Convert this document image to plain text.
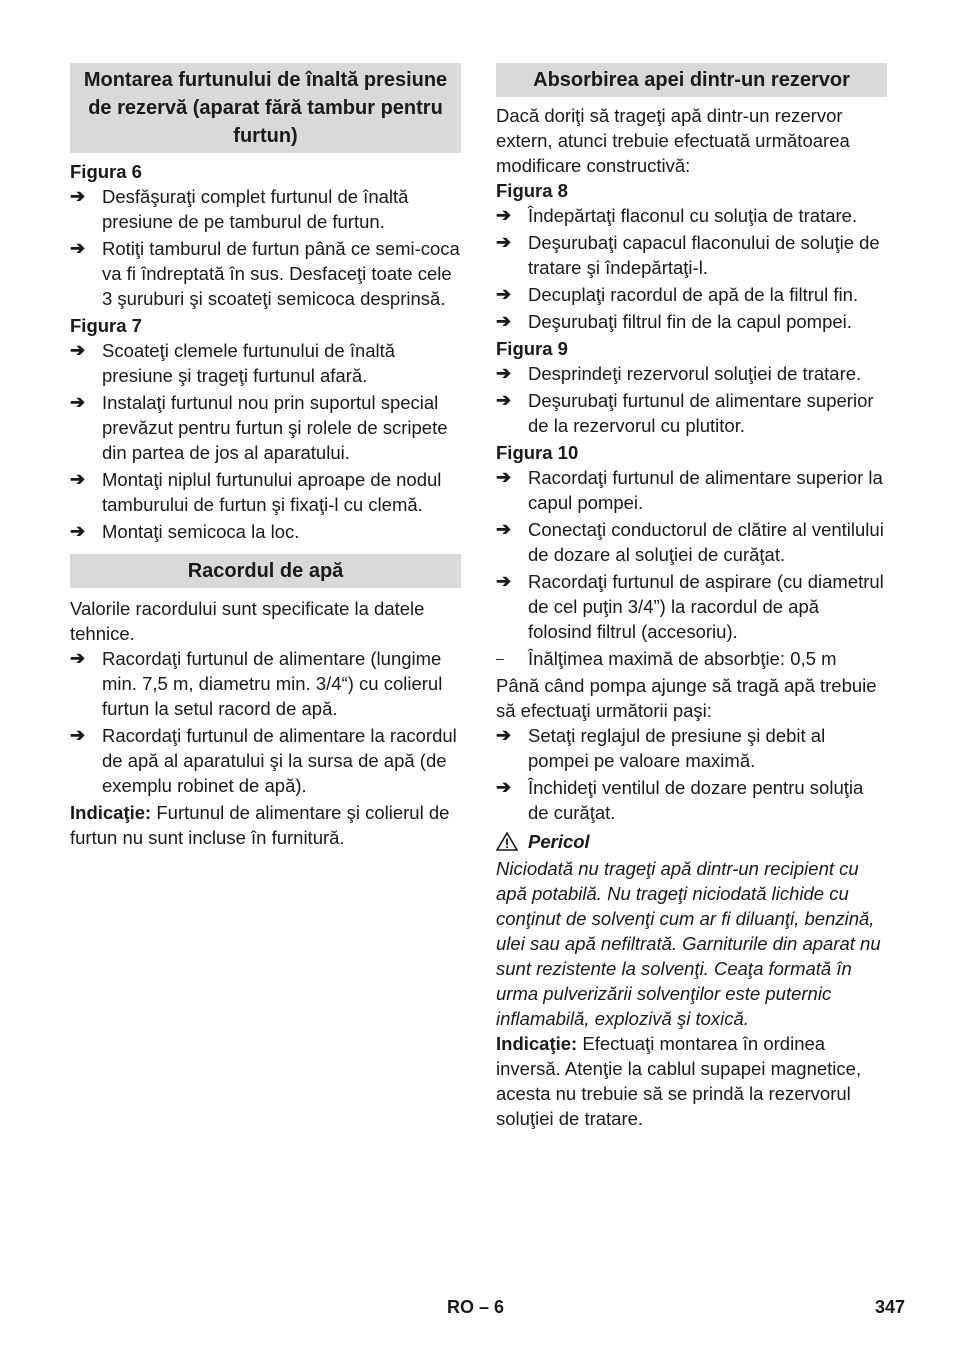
Montarea furtunului de înaltă presiune de rezervă (aparat fără tambur pentru furtun)
Figura 6
➔ Desfăşuraţi complet furtunul de înaltă presiune de pe tamburul de furtun.
➔ Rotiţi tamburul de furtun până ce semi-coca va fi îndreptată în sus. Desfaceţi toate cele 3 şuruburi şi scoateţi semicoca desprinsă.
Figura 7
➔ Scoateţi clemele furtunului de înaltă presiune şi trageţi furtunul afară.
➔ Instalaţi furtunul nou prin suportul special prevăzut pentru furtun şi rolele de scripete din partea de jos al aparatului.
➔ Montaţi niplul furtunului aproape de nodul tamburului de furtun şi fixaţi-l cu clemă.
➔ Montaţi semicoca la loc.
Racordul de apă
Valorile racordului sunt specificate la datele tehnice.
➔ Racordaţi furtunul de alimentare (lungime min. 7,5 m, diametru min. 3/4“) cu colierul furtun la setul racord de apă.
➔ Racordaţi furtunul de alimentare la racordul de apă al aparatului şi la sursa de apă (de exemplu robinet de apă).
Indicaţie: Furtunul de alimentare şi colierul de furtun nu sunt incluse în furnitură.
Absorbirea apei dintr-un rezervor
Dacă doriţi să trageţi apă dintr-un rezervor extern, atunci trebuie efectuată următoarea modificare constructivă:
Figura 8
➔ Îndepărtaţi flaconul cu soluţia de tratare.
➔ Deşurubaţi capacul flaconului de soluţie de tratare şi îndepărtaţi-l.
➔ Decuplaţi racordul de apă de la filtrul fin.
➔ Deşurubaţi filtrul fin de la capul pompei.
Figura 9
➔ Desprindeţi rezervorul soluţiei de tratare.
➔ Deşurubaţi furtunul de alimentare superior de la rezervorul cu plutitor.
Figura 10
➔ Racordaţi furtunul de alimentare superior la capul pompei.
➔ Conectaţi conductorul de clătire al ventilului de dozare al soluţiei de curăţat.
➔ Racordaţi furtunul de aspirare (cu diametrul de cel puţin 3/4”) la racordul de apă folosind filtrul (accesoriu).
–	Înălţimea maximă de absorbţie: 0,5 m
Până când pompa ajunge să tragă apă trebuie să efectuaţi următorii paşi:
➔ Setaţi reglajul de presiune şi debit al pompei pe valoare maximă.
➔ Închideţi ventilul de dozare pentru soluţia de curăţat.
Pericol
Niciodată nu trageţi apă dintr-un recipient cu apă potabilă. Nu trageţi niciodată lichide cu conţinut de solvenţi cum ar fi diluanţi, benzină, ulei sau apă nefiltrată. Garniturile din aparat nu sunt rezistente la solvenţi. Ceaţa formată în urma pulverizării solvenţilor este puternic inflamabilă, explozivă şi toxică.
Indicaţie: Efectuaţi montarea în ordinea inversă. Atenţie la cablul supapei magnetice, acesta nu trebuie să se prindă la rezervorul soluţiei de tratare.
RO – 6	347
